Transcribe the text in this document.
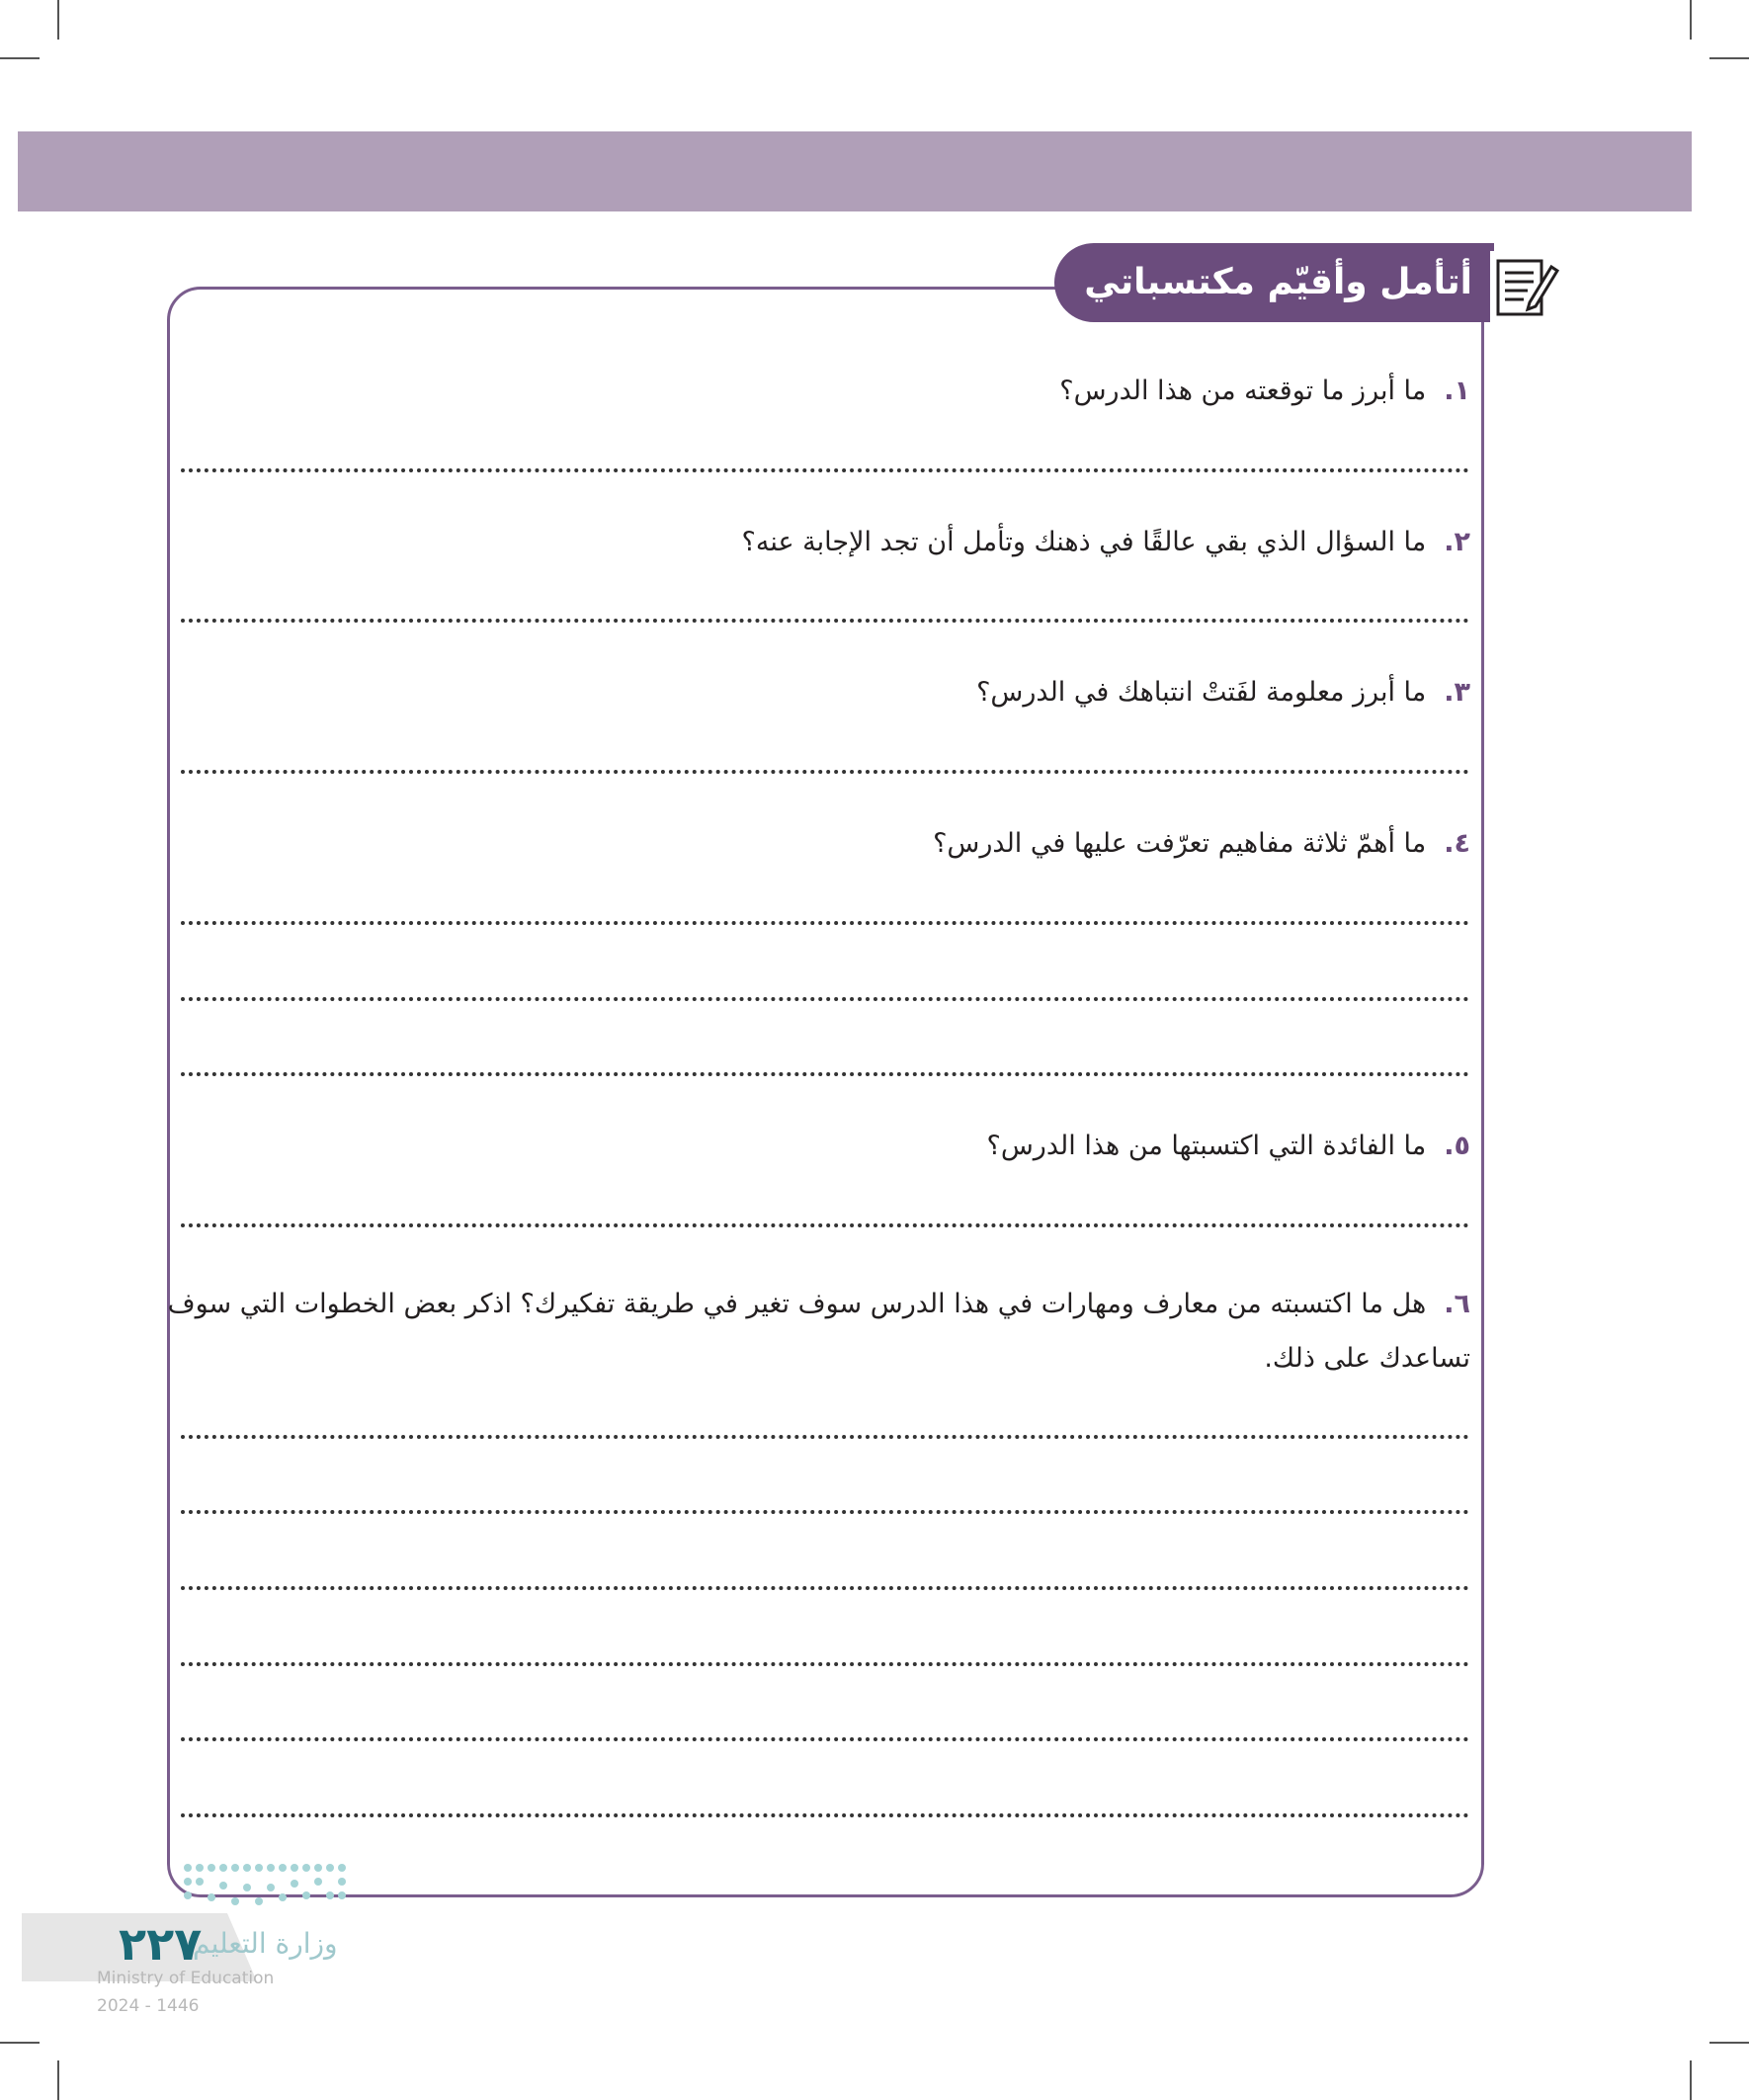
أتأمل وأقيّم مكتسباتي
١.ما أبرز ما توقعته من هذا الدرس؟
٢.ما السؤال الذي بقي عالقًا في ذهنك وتأمل أن تجد الإجابة عنه؟
٣.ما أبرز معلومة لفَتتْ انتباهك في الدرس؟
٤.ما أهمّ ثلاثة مفاهيم تعرّفت عليها في الدرس؟
٥.ما الفائدة التي اكتسبتها من هذا الدرس؟
٦.هل ما اكتسبته من معارف ومهارات في هذا الدرس سوف تغير في طريقة تفكيرك؟ اذكر بعض الخطوات التي سوف تساعدك على ذلك.
٢٢٧
وزارة التعليم
Ministry of Education
2024 - 1446
